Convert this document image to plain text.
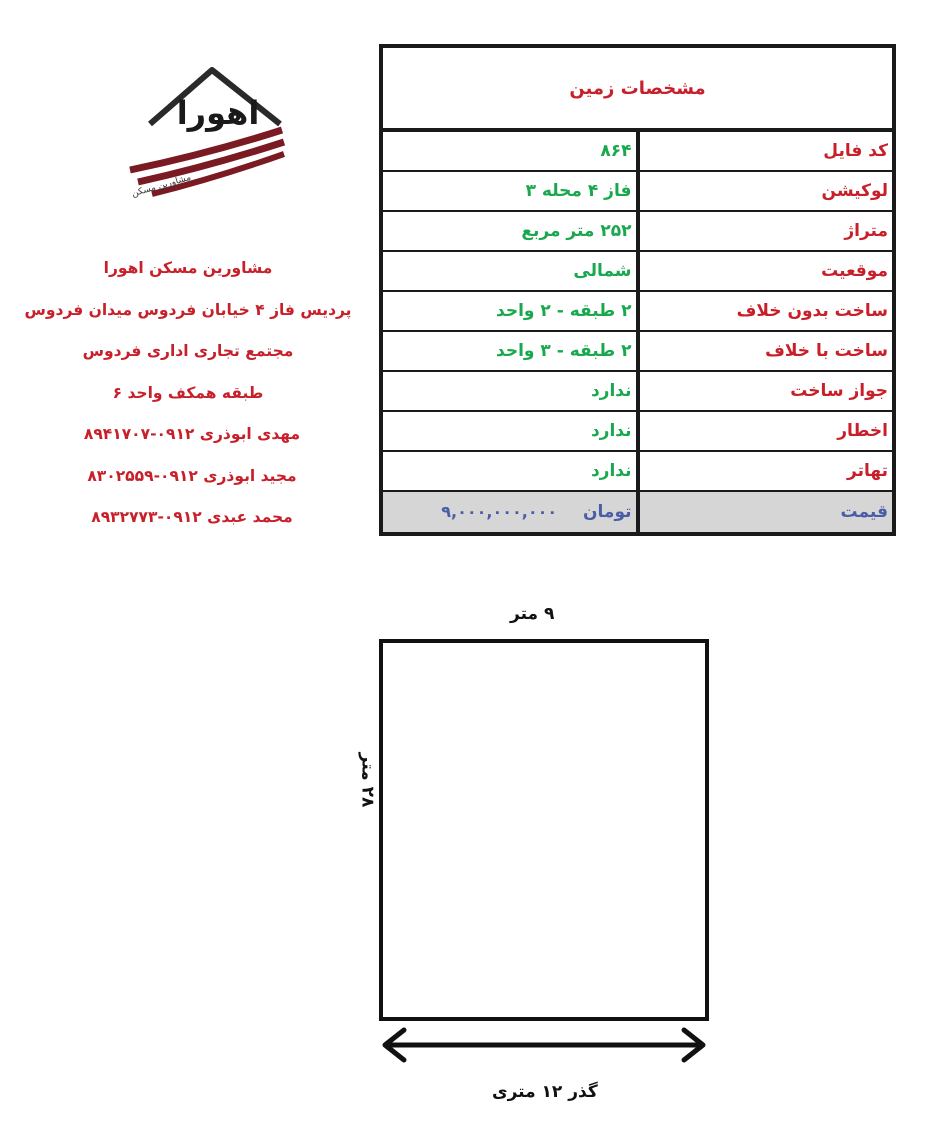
اهورا
مشاورین مسکن
مشاورین مسکن اهورا
پردیس فاز ۴ خیابان فردوس میدان فردوس
مجتمع تجاری اداری فردوس
طبقه همکف واحد ۶
مهدی ابوذری ۰۹۱۲-۸۹۴۱۷۰۷
مجید ابوذری ۰۹۱۲-۸۳۰۲۵۵۹
محمد عبدی ۰۹۱۲-۸۹۳۲۷۷۳
مشخصات زمین	
کد فایل	۸۶۴
لوکیشن	فاز ۴ محله ۳
متراژ	۲۵۲ متر مربع
موقعیت	شمالی
ساخت بدون خلاف	۲ طبقه - ۲ واحد
ساخت با خلاف	۲ طبقه - ۳ واحد
جواز ساخت	ندارد
اخطار	ندارد
تهاتر	ندارد
قیمت	تومان ۹,۰۰۰,۰۰۰,۰۰۰
۹ متر
۲۸ متر
گذر ۱۲ متری
